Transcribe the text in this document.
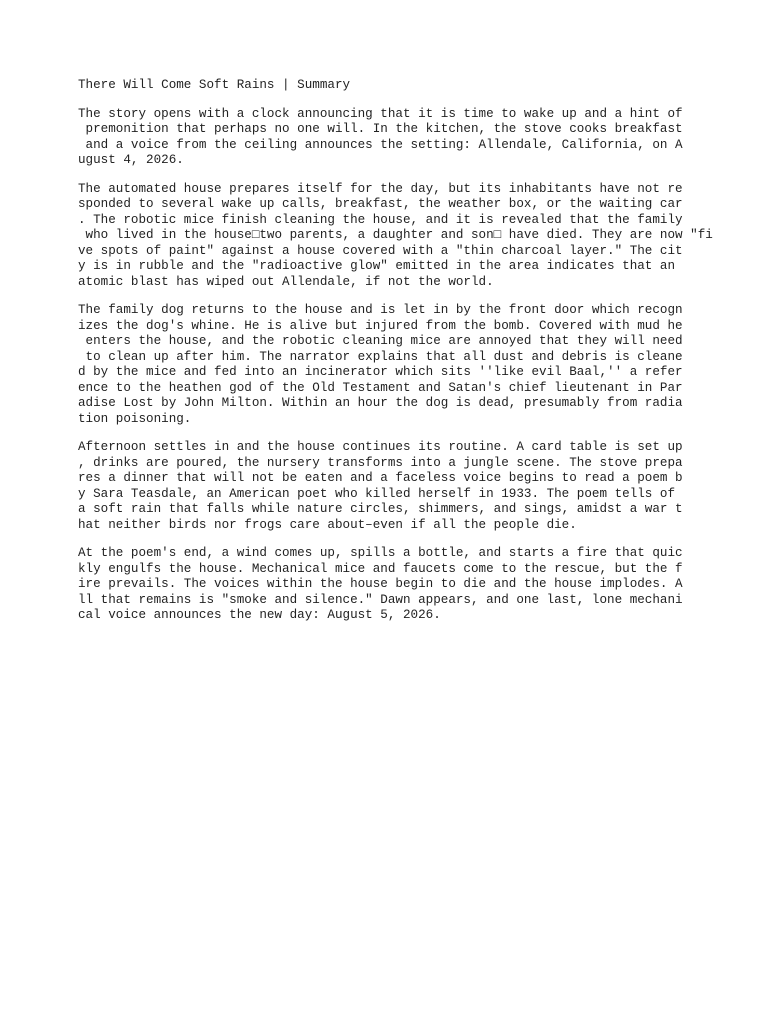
There Will Come Soft Rains | Summary
The story opens with a clock announcing that it is time to wake up and a hint of
premonition that perhaps no one will. In the kitchen, the stove cooks breakfast
and a voice from the ceiling announces the setting: Allendale, California, on A
ugust 4, 2026.
The automated house prepares itself for the day, but its inhabitants have not re
sponded to several wake up calls, breakfast, the weather box, or the waiting car
. The robotic mice finish cleaning the house, and it is revealed that the family
who lived in the house□two parents, a daughter and son□ have died. They are now "fi
ve spots of paint" against a house covered with a "thin charcoal layer." The cit
y is in rubble and the "radioactive glow" emitted in the area indicates that an
atomic blast has wiped out Allendale, if not the world.
The family dog returns to the house and is let in by the front door which recogn
izes the dog's whine. He is alive but injured from the bomb. Covered with mud he
enters the house, and the robotic cleaning mice are annoyed that they will need
to clean up after him. The narrator explains that all dust and debris is cleane
d by the mice and fed into an incinerator which sits ''like evil Baal,'' a refer
ence to the heathen god of the Old Testament and Satan's chief lieutenant in Par
adise Lost by John Milton. Within an hour the dog is dead, presumably from radia
tion poisoning.
Afternoon settles in and the house continues its routine. A card table is set up
, drinks are poured, the nursery transforms into a jungle scene. The stove prepa
res a dinner that will not be eaten and a faceless voice begins to read a poem b
y Sara Teasdale, an American poet who killed herself in 1933. The poem tells of
a soft rain that falls while nature circles, shimmers, and sings, amidst a war t
hat neither birds nor frogs care about–even if all the people die.
At the poem's end, a wind comes up, spills a bottle, and starts a fire that quic
kly engulfs the house. Mechanical mice and faucets come to the rescue, but the f
ire prevails. The voices within the house begin to die and the house implodes. A
ll that remains is "smoke and silence." Dawn appears, and one last, lone mechani
cal voice announces the new day: August 5, 2026.
